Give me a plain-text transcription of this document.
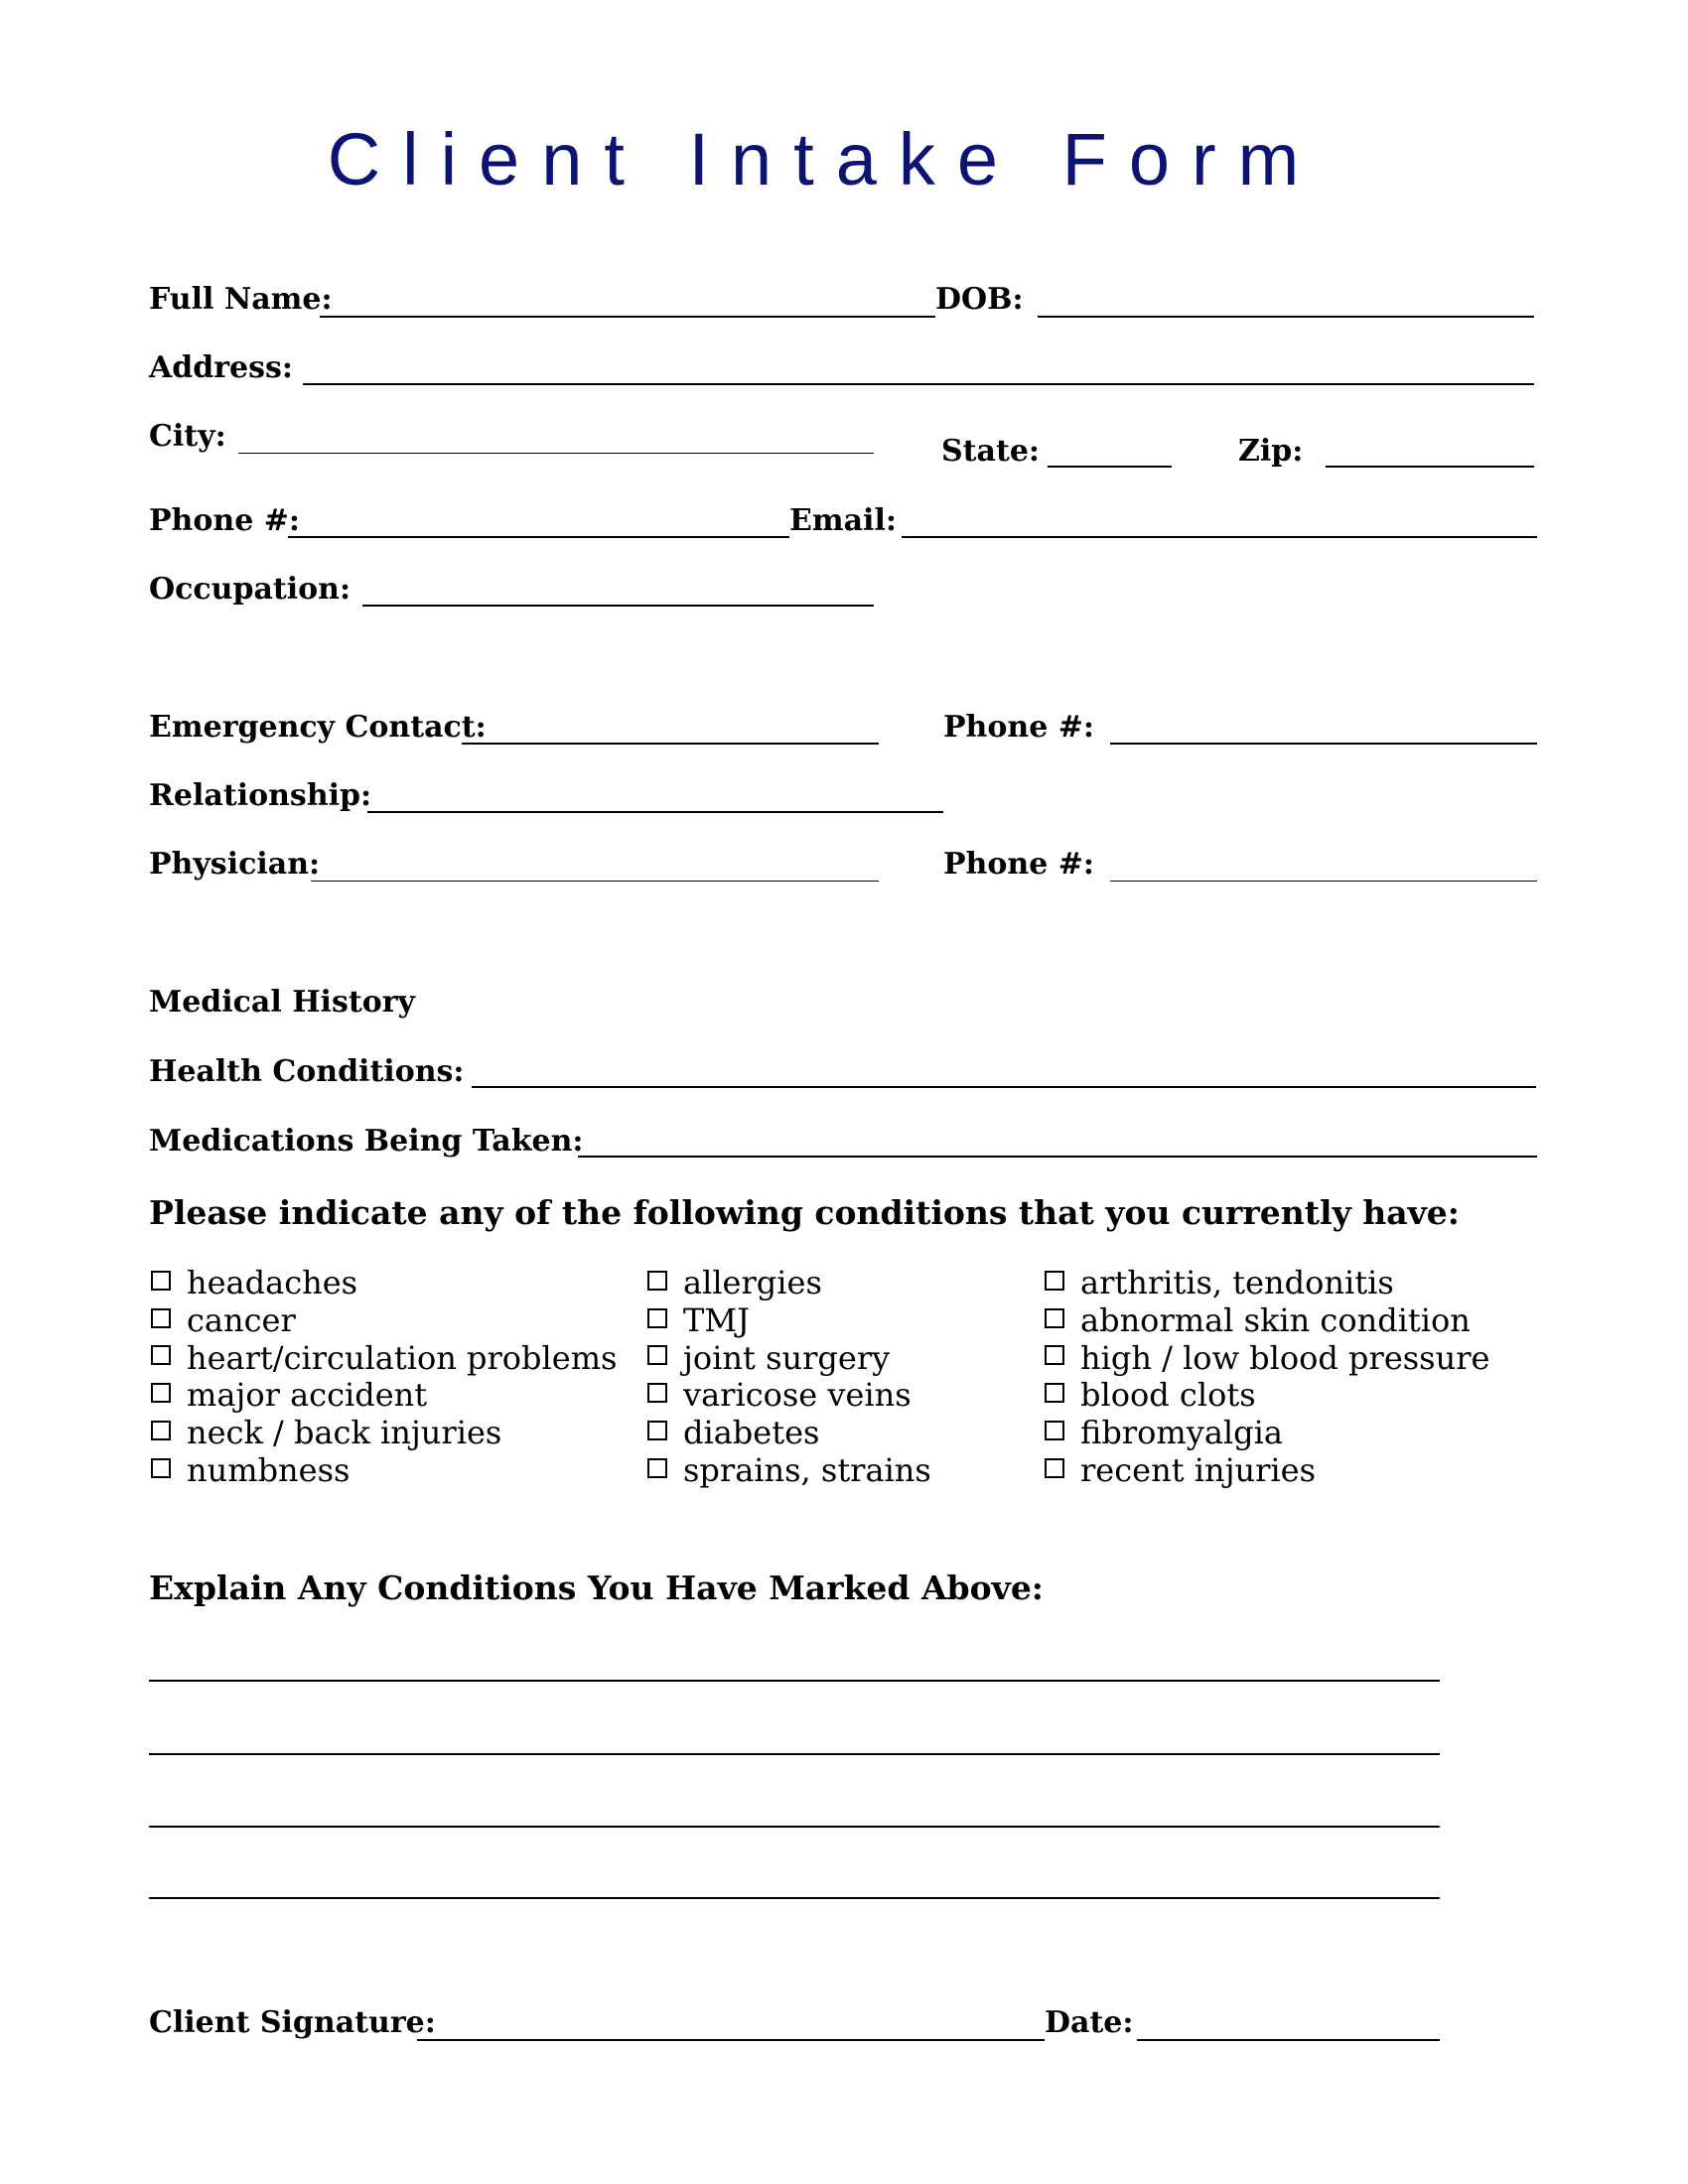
Client Intake Form
Full Name:	DOB:
Address:
City:	State:	Zip:
Phone #:	Email:
Occupation:
Emergency Contact:	Phone #:
Relationship:
Physician:	Phone #:
Medical History
Health Conditions:
Medications Being Taken:
Please indicate any of the following conditions that you currently have:
headaches
cancer
heart/circulation problems
major accident
neck / back injuries
numbness
allergies
TMJ
joint surgery
varicose veins
diabetes
sprains, strains
arthritis, tendonitis
abnormal skin condition
high / low blood pressure
blood clots
fibromyalgia
recent injuries
Explain Any Conditions You Have Marked Above:
Client Signature:	Date:
